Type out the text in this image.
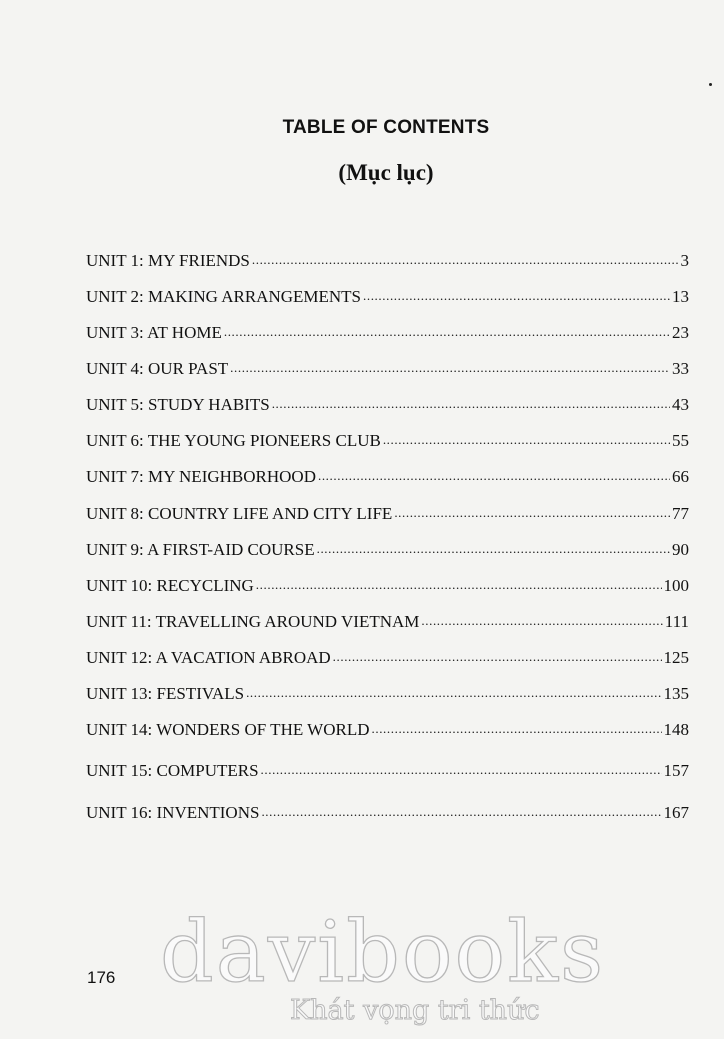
TABLE OF CONTENTS
(Mục lục)
UNIT 1: MY FRIENDS .....	3
UNIT 2: MAKING ARRANGEMENTS .....	13
UNIT 3: AT HOME .....	23
UNIT 4: OUR PAST .....	33
UNIT 5: STUDY HABITS .....	43
UNIT 6: THE YOUNG PIONEERS CLUB .....	55
UNIT 7: MY NEIGHBORHOOD .....	66
UNIT 8: COUNTRY LIFE AND CITY LIFE .....	77
UNIT 9: A FIRST-AID COURSE .....	90
UNIT 10: RECYCLING .....	100
UNIT 11: TRAVELLING AROUND VIETNAM .....	111
UNIT 12: A VACATION ABROAD .....	125
UNIT 13: FESTIVALS .....	135
UNIT 14: WONDERS OF THE WORLD .....	148
UNIT 15: COMPUTERS .....	157
UNIT 16: INVENTIONS .....	167
176 davibooks
Khát vọng tri thức
